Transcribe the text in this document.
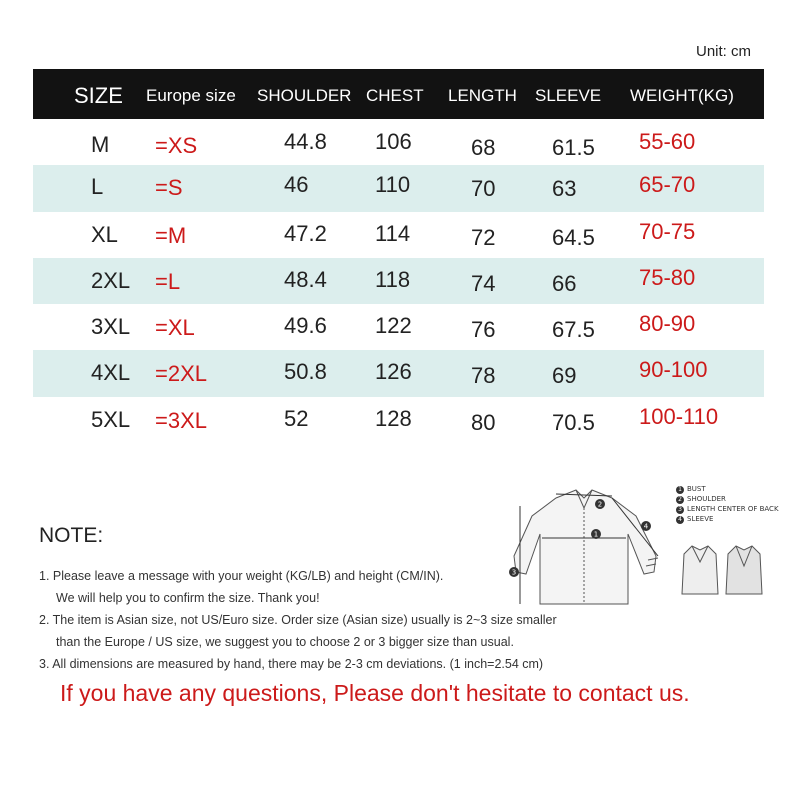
Unit: cm
SIZE Europe size SHOULDER CHEST LENGTH SLEEVE WEIGHT(KG)
M =XS	44.8 106	68	61.5 55-60
L =S	46	110	70	63	65-70
XL =M	47.2 114	72	64.5 70-75
2XL =L	48.4 118	74	66	75-80
3XL =XL	49.6 122	76	67.5 80-90
4XL =2XL	50.8 126	78	69	90-100
5XL =3XL	52	128	80	70.5 100-110
1
2
3
4
1 BUST
2 SHOULDER
3 LENGTH CENTER OF BACK
4 SLEEVE
NOTE:

1. Please leave a message with your weight (KG/LB) and height (CM/IN).

We will help you to confirm the size. Thank you!

2. The item is Asian size, not US/Euro size. Order size (Asian size) usually is 2~3 size smaller

than the Europe / US size, we suggest you to choose 2 or 3 bigger size than usual.

3. All dimensions are measured by hand, there may be 2-3 cm deviations. (1 inch=2.54 cm)

If you have any questions, Please don't hesitate to contact us.
